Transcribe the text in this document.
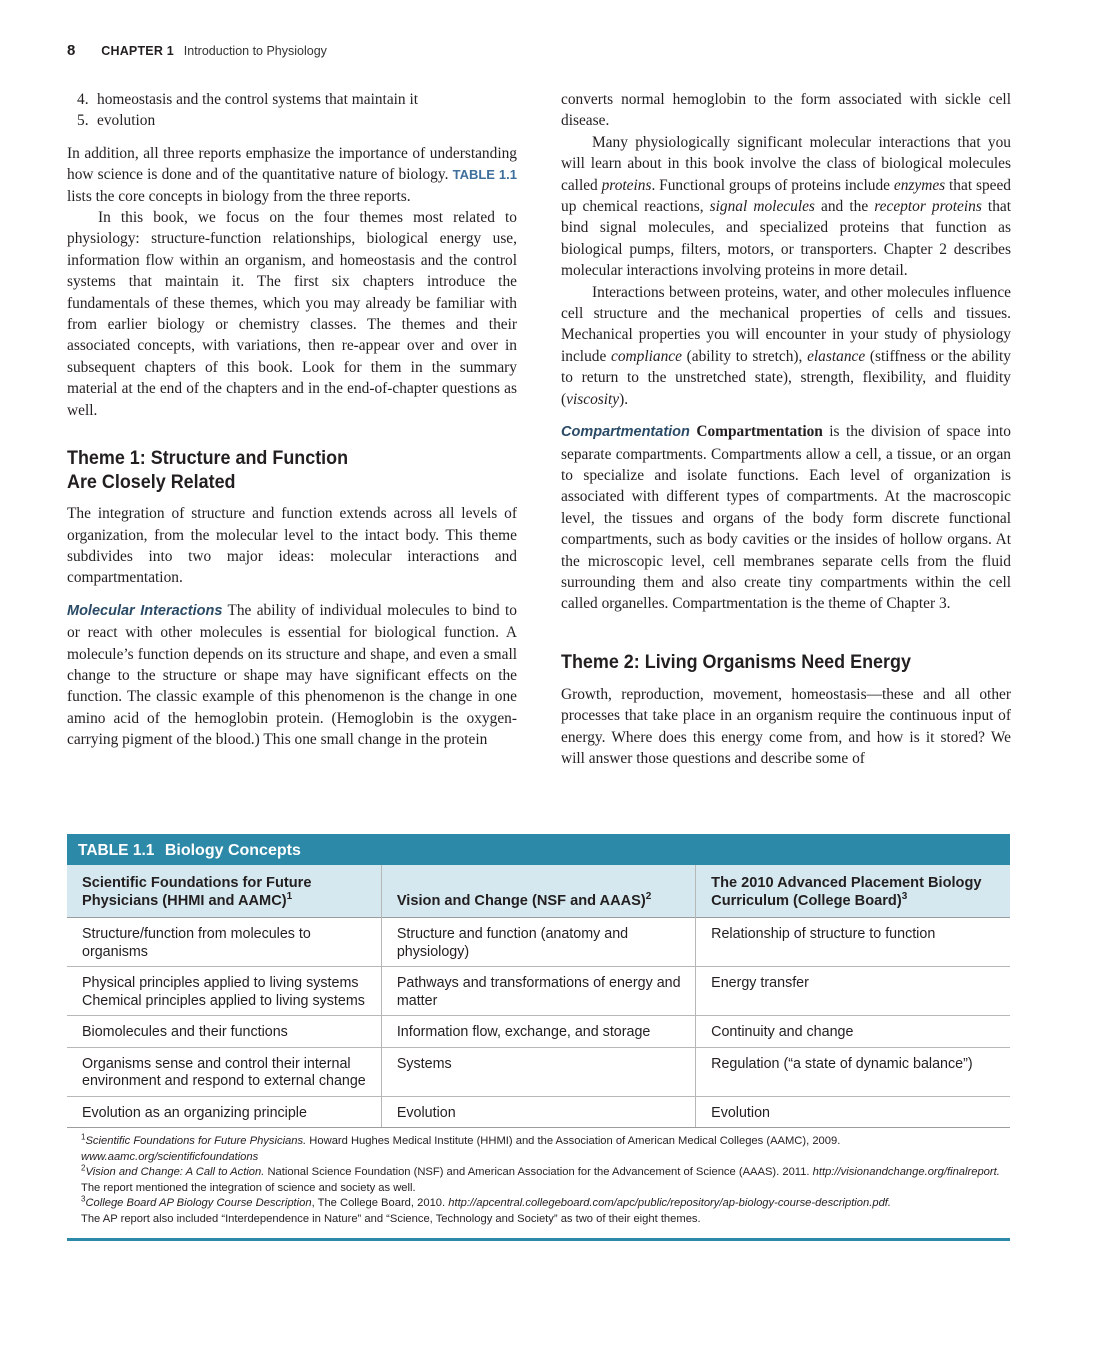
8 CHAPTER 1 Introduction to Physiology
4. homeostasis and the control systems that maintain it
5. evolution

In addition, all three reports emphasize the importance of understanding how science is done and of the quantitative nature of biology. TABLE 1.1 lists the core concepts in biology from the three reports.

In this book, we focus on the four themes most related to physiology: structure-function relationships, biological energy use, information flow within an organism, and homeostasis and the control systems that maintain it. The first six chapters introduce the fundamentals of these themes, which you may already be familiar with from earlier biology or chemistry classes. The themes and their associated concepts, with variations, then re-appear over and over in subsequent chapters of this book. Look for them in the summary material at the end of the chapters and in the end-of-chapter questions as well.

Theme 1: Structure and Function
Are Closely Related

The integration of structure and function extends across all levels of organization, from the molecular level to the intact body. This theme subdivides into two major ideas: molecular interactions and compartmentation.

Molecular Interactions The ability of individual molecules to bind to or react with other molecules is essential for biological function. A molecule’s function depends on its structure and shape, and even a small change to the structure or shape may have significant effects on the function. The classic example of this phenomenon is the change in one amino acid of the hemoglobin protein. (Hemoglobin is the oxygen-carrying pigment of the blood.) This one small change in the protein

converts normal hemoglobin to the form associated with sickle cell disease.

Many physiologically significant molecular interactions that you will learn about in this book involve the class of biological molecules called proteins. Functional groups of proteins include enzymes that speed up chemical reactions, signal molecules and the receptor proteins that bind signal molecules, and specialized proteins that function as biological pumps, filters, motors, or transporters. Chapter 2 describes molecular interactions involving proteins in more detail.

Interactions between proteins, water, and other molecules influence cell structure and the mechanical properties of cells and tissues. Mechanical properties you will encounter in your study of physiology include compliance (ability to stretch), elastance (stiffness or the ability to return to the unstretched state), strength, flexibility, and fluidity (viscosity).

Compartmentation Compartmentation is the division of space into separate compartments. Compartments allow a cell, a tissue, or an organ to specialize and isolate functions. Each level of organization is associated with different types of compartments. At the macroscopic level, the tissues and organs of the body form discrete functional compartments, such as body cavities or the insides of hollow organs. At the microscopic level, cell membranes separate cells from the fluid surrounding them and also create tiny compartments within the cell called organelles. Compartmentation is the theme of Chapter 3.

Theme 2: Living Organisms Need Energy

Growth, reproduction, movement, homeostasis—these and all other processes that take place in an organism require the continuous input of energy. Where does this energy come from, and how is it stored? We will answer those questions and describe some of

TABLE 1.1 Biology Concepts
Scientific Foundations for Future Physicians (HHMI and AAMC)$^1$	Vision and Change (NSF and AAAS)$^2$	The 2010 Advanced Placement Biology Curriculum (College Board)$^3$
Structure/function from molecules to organisms	Structure and function (anatomy and physiology)	Relationship of structure to function
Physical principles applied to living systems Chemical principles applied to living systems	Pathways and transformations of energy and matter	Energy transfer
Biomolecules and their functions	Information flow, exchange, and storage	Continuity and change
Organisms sense and control their internal environment and respond to external change	Systems	Regulation (“a state of dynamic balance”)
Evolution as an organizing principle	Evolution	Evolution

$^1$Scientific Foundations for Future Physicians. Howard Hughes Medical Institute (HHMI) and the Association of American Medical Colleges (AAMC), 2009. www.aamc.org/scientificfoundations

$^2$Vision and Change: A Call to Action. National Science Foundation (NSF) and American Association for the Advancement of Science (AAAS). 2011. http://visionandchange.org/finalreport. The report mentioned the integration of science and society as well.

$^3$College Board AP Biology Course Description, The College Board, 2010. http://apcentral.collegeboard.com/apc/public/repository/ap-biology-course-description.pdf.

The AP report also included “Interdependence in Nature” and “Science, Technology and Society” as two of their eight themes.
